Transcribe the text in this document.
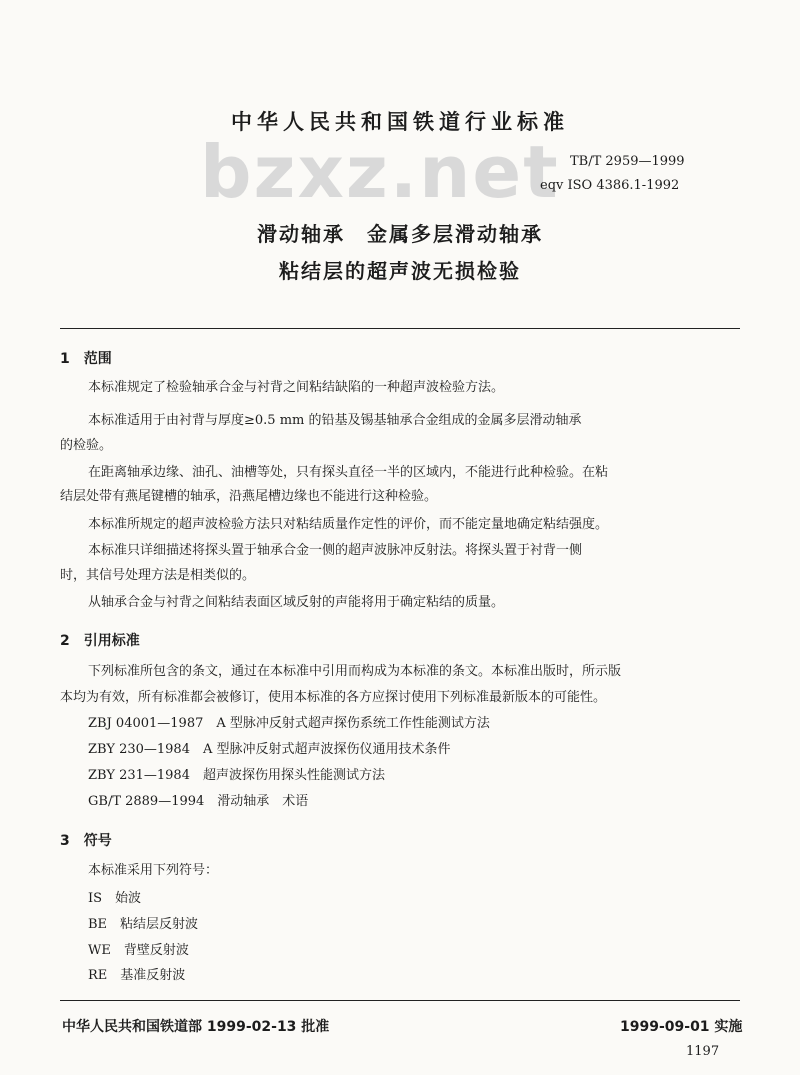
中华人民共和国铁道行业标准
bzxz.net TB/T 2959—1999
eqv ISO 4386.1-1992
滑动轴承　金属多层滑动轴承
粘结层的超声波无损检验
1　范围
本标准规定了检验轴承合金与衬背之间粘结缺陷的一种超声波检验方法。
本标准适用于由衬背与厚度≥0.5 mm 的铅基及锡基轴承合金组成的金属多层滑动轴承
的检验。
在距离轴承边缘、油孔、油槽等处，只有探头直径一半的区域内，不能进行此种检验。在粘
结层处带有燕尾键槽的轴承，沿燕尾槽边缘也不能进行这种检验。
本标准所规定的超声波检验方法只对粘结质量作定性的评价，而不能定量地确定粘结强度。
本标准只详细描述将探头置于轴承合金一侧的超声波脉冲反射法。将探头置于衬背一侧
时，其信号处理方法是相类似的。
从轴承合金与衬背之间粘结表面区域反射的声能将用于确定粘结的质量。
2　引用标准
下列标准所包含的条文，通过在本标准中引用而构成为本标准的条文。本标准出版时，所示版
本均为有效，所有标准都会被修订，使用本标准的各方应探讨使用下列标准最新版本的可能性。
ZBJ 04001—1987　A 型脉冲反射式超声探伤系统工作性能测试方法
ZBY 230—1984　A 型脉冲反射式超声波探伤仪通用技术条件
ZBY 231—1984　超声波探伤用探头性能测试方法
GB/T 2889—1994　滑动轴承　术语
3　符号
本标准采用下列符号：
IS　始波
BE　粘结层反射波
WE　背壁反射波
RE　基准反射波
中华人民共和国铁道部 1999-02-13 批准	1999-09-01 实施
1197
